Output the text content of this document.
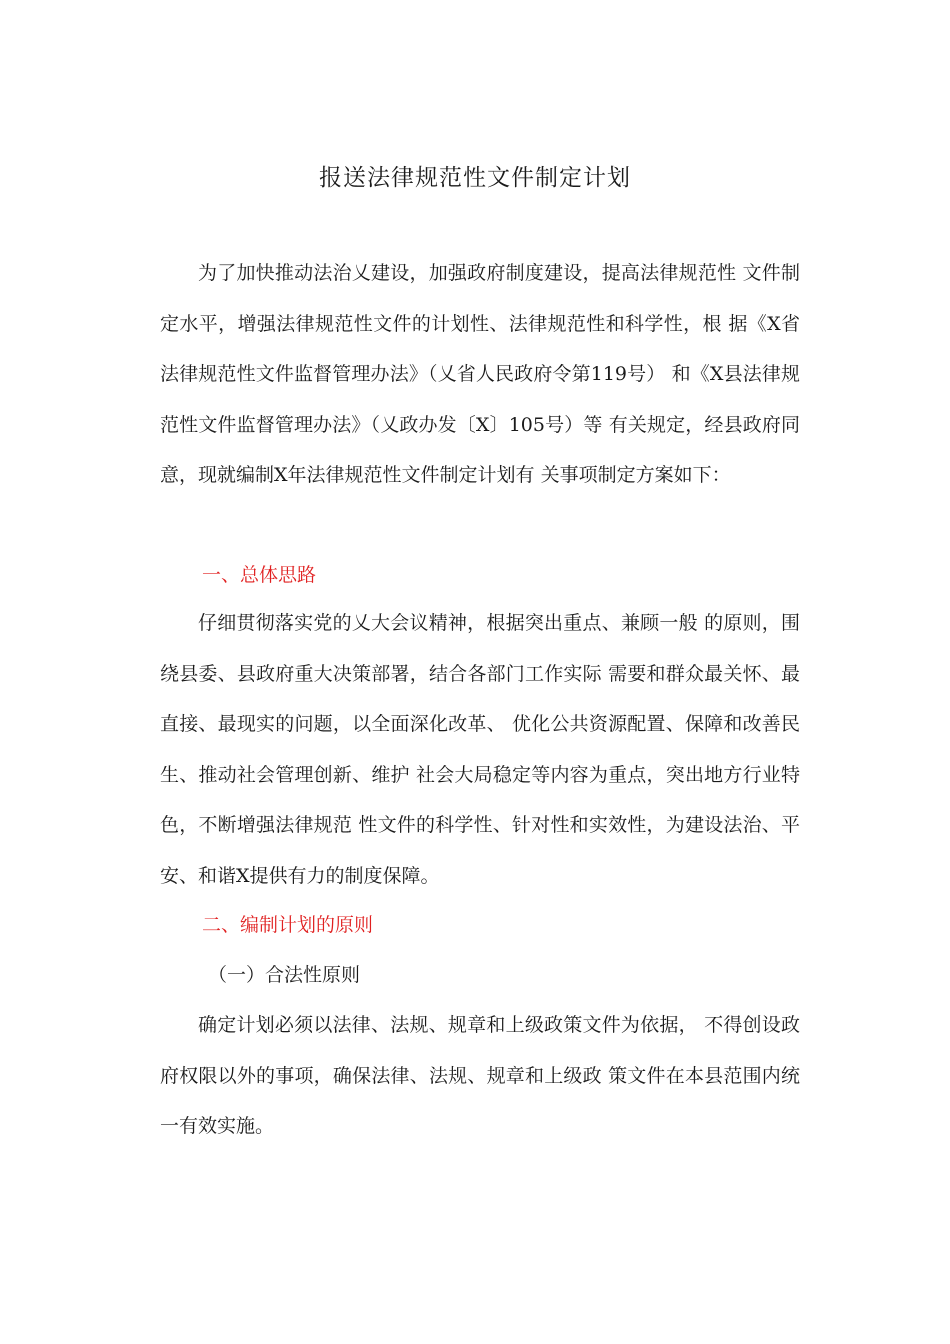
报送法律规范性文件制定计划
为了加快推动法治乂建设，加强政府制度建设，提高法律规范性 文件制定水平，增强法律规范性文件的计划性、法律规范性和科学性，根 据《X省法律规范性文件监督管理办法》（乂省人民政府令第119号） 和《X县法律规范性文件监督管理办法》（乂政办发〔X〕105号）等 有关规定，经县政府同意，现就编制X年法律规范性文件制定计划有 关事项制定方案如下：
一、总体思路
仔细贯彻落实党的乂大会议精神，根据突出重点、兼顾一般 的原则，围绕县委、县政府重大决策部署，结合各部门工作实际 需要和群众最关怀、最直接、最现实的问题，以全面深化改革、 优化公共资源配置、保障和改善民生、推动社会管理创新、维护 社会大局稳定等内容为重点，突出地方行业特色，不断增强法律规范 性文件的科学性、针对性和实效性，为建设法治、平安、和谐X提供有力的制度保障。
二、编制计划的原则
（一）合法性原则
确定计划必须以法律、法规、规章和上级政策文件为依据， 不得创设政府权限以外的事项，确保法律、法规、规章和上级政 策文件在本县范围内统一有效实施。
